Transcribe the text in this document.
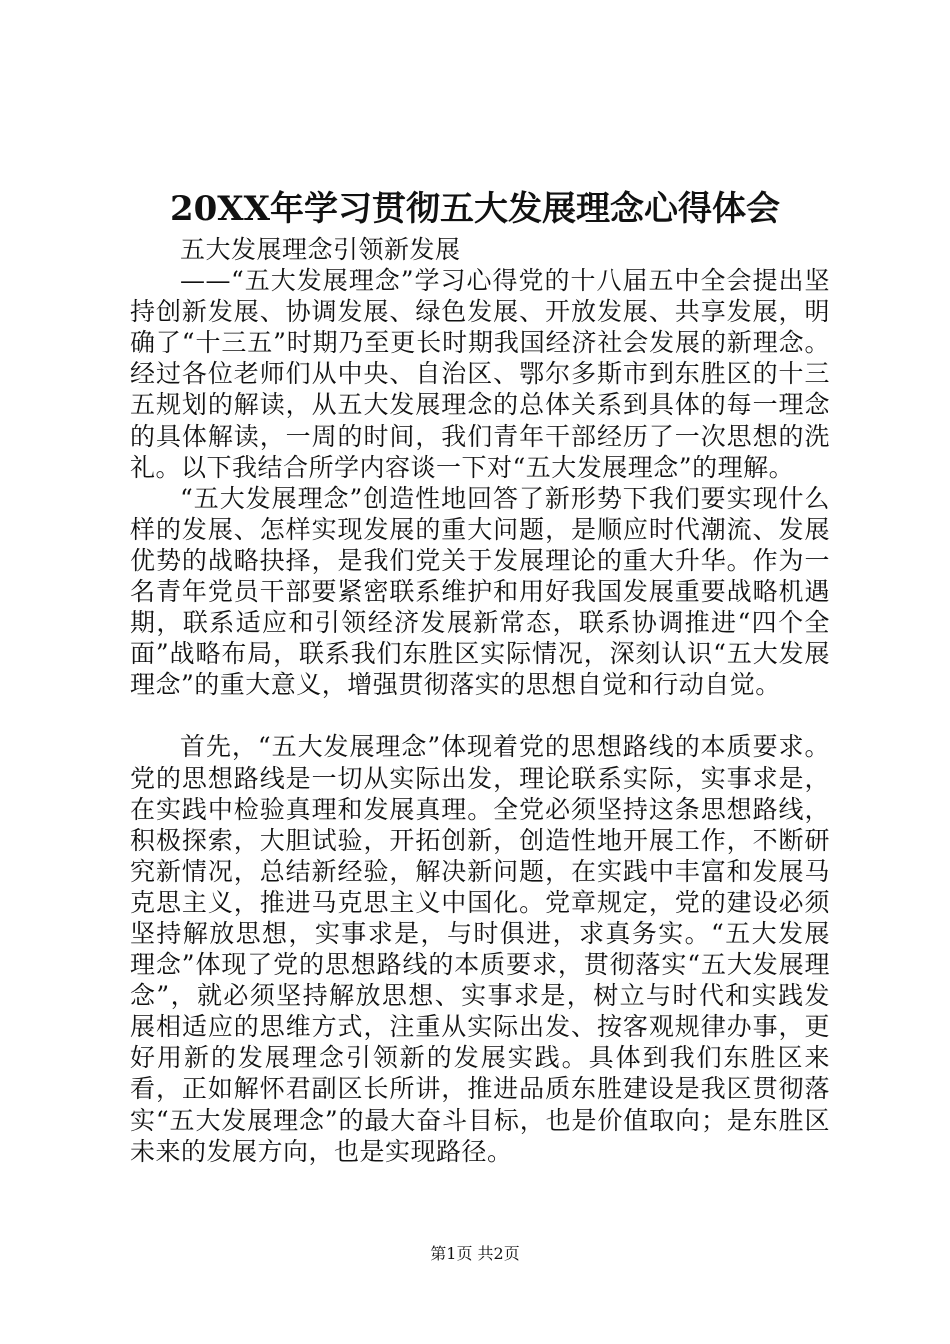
20XX年学习贯彻五大发展理念心得体会

五大发展理念引领新发展

——“五大发展理念”学习心得党的十八届五中全会提出坚持创新发展、协调发展、绿色发展、开放发展、共享发展，明确了“十三五”时期乃至更长时期我国经济社会发展的新理念。经过各位老师们从中央、自治区、鄂尔多斯市到东胜区的十三五规划的解读，从五大发展理念的总体关系到具体的每一理念的具体解读，一周的时间，我们青年干部经历了一次思想的洗礼。以下我结合所学内容谈一下对“五大发展理念”的理解。

“五大发展理念”创造性地回答了新形势下我们要实现什么样的发展、怎样实现发展的重大问题，是顺应时代潮流、发展优势的战略抉择，是我们党关于发展理论的重大升华。作为一名青年党员干部要紧密联系维护和用好我国发展重要战略机遇期，联系适应和引领经济发展新常态，联系协调推进“四个全面”战略布局，联系我们东胜区实际情况，深刻认识“五大发展理念”的重大意义，增强贯彻落实的思想自觉和行动自觉。

首先，“五大发展理念”体现着党的思想路线的本质要求。党的思想路线是一切从实际出发，理论联系实际，实事求是，在实践中检验真理和发展真理。全党必须坚持这条思想路线，积极探索，大胆试验，开拓创新，创造性地开展工作，不断研究新情况，总结新经验，解决新问题，在实践中丰富和发展马克思主义，推进马克思主义中国化。党章规定，党的建设必须坚持解放思想，实事求是，与时俱进，求真务实。“五大发展理念”体现了党的思想路线的本质要求，贯彻落实“五大发展理念”，就必须坚持解放思想、实事求是，树立与时代和实践发展相适应的思维方式，注重从实际出发、按客观规律办事，更好用新的发展理念引领新的发展实践。具体到我们东胜区来看，正如解怀君副区长所讲，推进品质东胜建设是我区贯彻落实“五大发展理念”的最大奋斗目标，也是价值取向；是东胜区未来的发展方向，也是实现路径。

第1页 共2页
